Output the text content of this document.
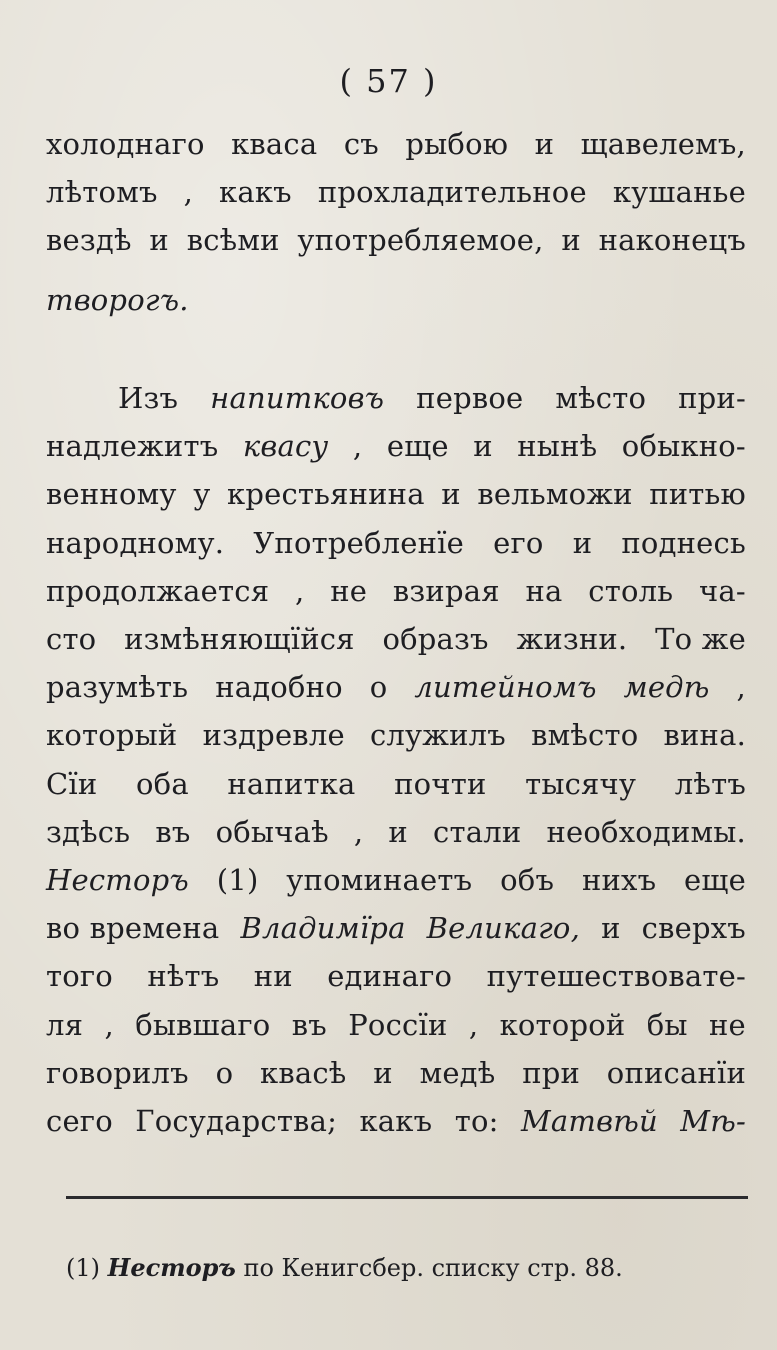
( 57 )
холоднаго кваса съ рыбою и щавелемъ,
лѣтомъ , какъ прохладительное кушанье
вездѣ и всѣми употребляемое, и наконецъ
творогъ.
Изъ напитковъ первое мѣсто при-
надлежитъ квасу , еще и нынѣ обыкно-
венному у крестьянина и вельможи питью
народному. Употребленїе его и поднесь
продолжается , не взирая на столь ча-
сто измѣняющїйся образъ жизни. То же
разумѣть надобно о литейномъ медѣ ,
который издревле служилъ вмѣсто вина.
Сїи оба напитка почти тысячу лѣтъ
здѣсь въ обычаѣ , и стали необходимы.
Несторъ (1) упоминаетъ объ нихъ еще
во времена Владимїра Великаго, и сверхъ
того нѣтъ ни единаго путешествовате-
ля , бывшаго въ Россїи , которой бы не
говорилъ о квасѣ и медѣ при описанїи
сего Государства; какъ то: Матвѣй Мѣ-
(1) Несторъ по Кенигсбер. списку стр. 88.
